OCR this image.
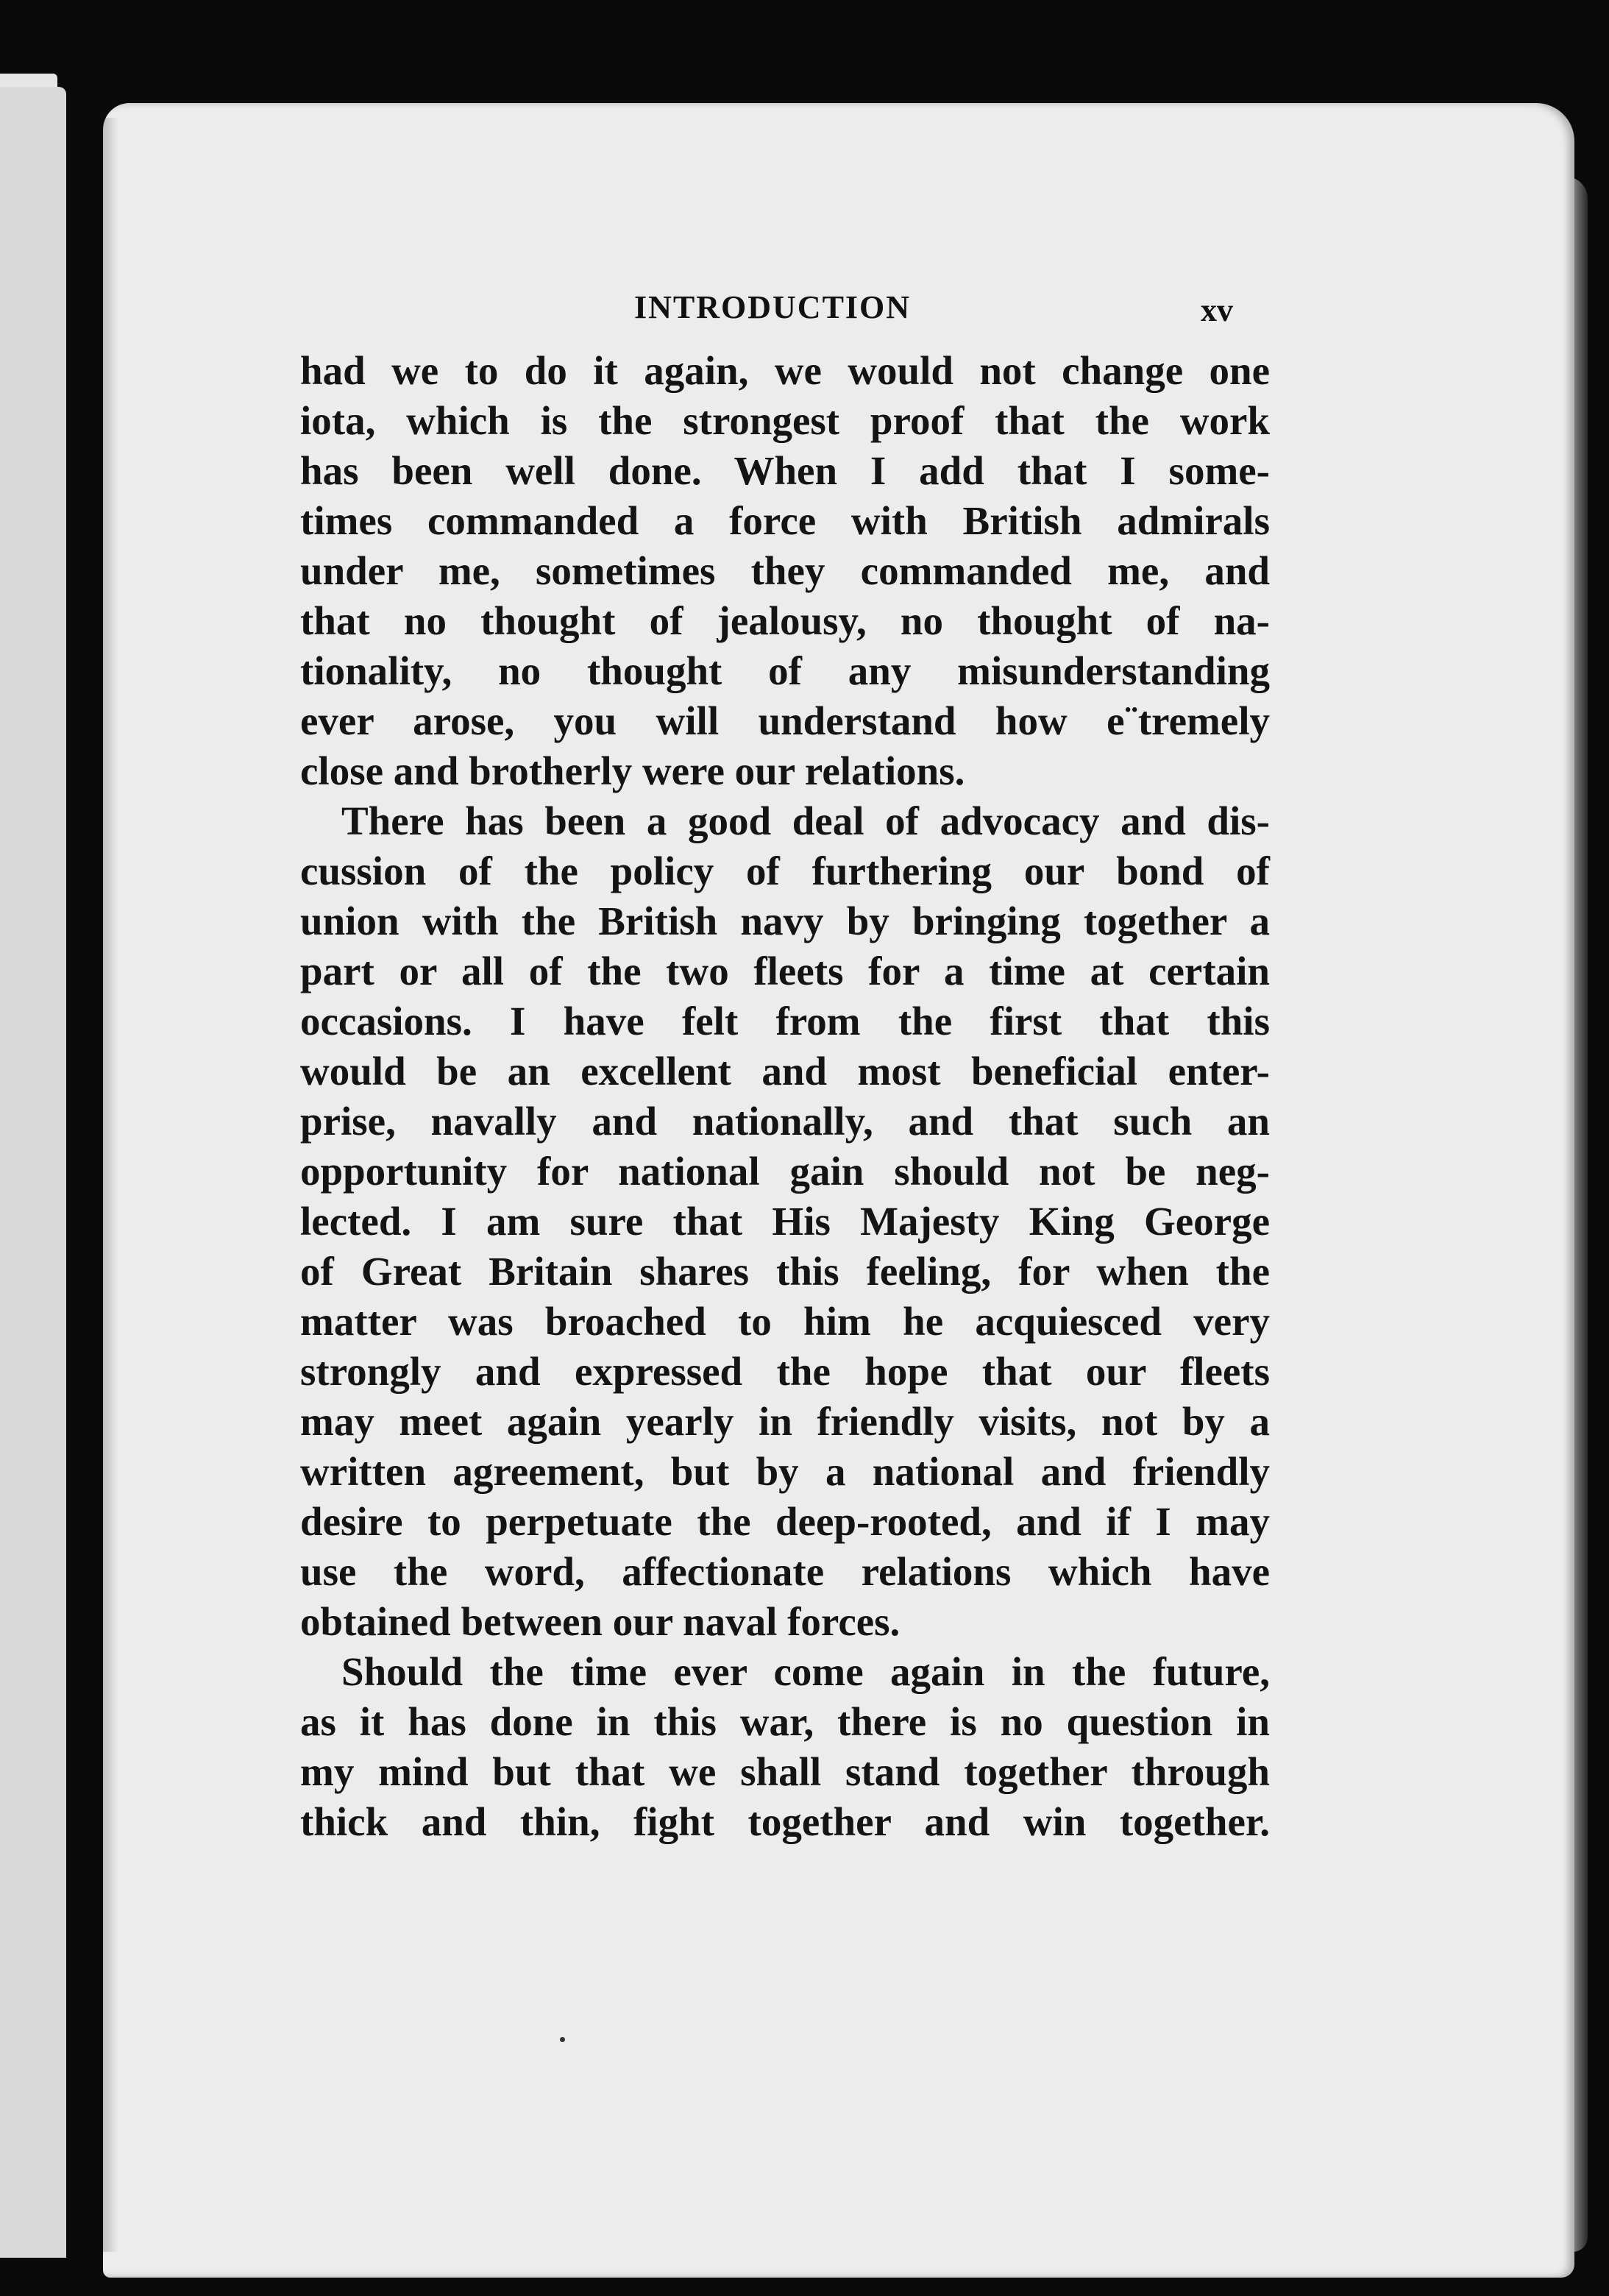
INTRODUCTION	xv
had we to do it again, we would not change one
iota, which is the strongest proof that the work
has been well done. When I add that I some-
times commanded a force with British admirals
under me, sometimes they commanded me, and
that no thought of jealousy, no thought of na-
tionality, no thought of any misunderstanding
ever arose, you will understand how e¨tremely
close and brotherly were our relations.
There has been a good deal of advocacy and dis-
cussion of the policy of furthering our bond of
union with the British navy by bringing together a
part or all of the two fleets for a time at certain
occasions. I have felt from the first that this
would be an excellent and most beneficial enter-
prise, navally and nationally, and that such an
opportunity for national gain should not be neg-
lected. I am sure that His Majesty King George
of Great Britain shares this feeling, for when the
matter was broached to him he acquiesced very
strongly and expressed the hope that our fleets
may meet again yearly in friendly visits, not by a
written agreement, but by a national and friendly
desire to perpetuate the deep-rooted, and if I may
use the word, affectionate relations which have
obtained between our naval forces.
Should the time ever come again in the future,
as it has done in this war, there is no question in
my mind but that we shall stand together through
thick and thin, fight together and win together.
